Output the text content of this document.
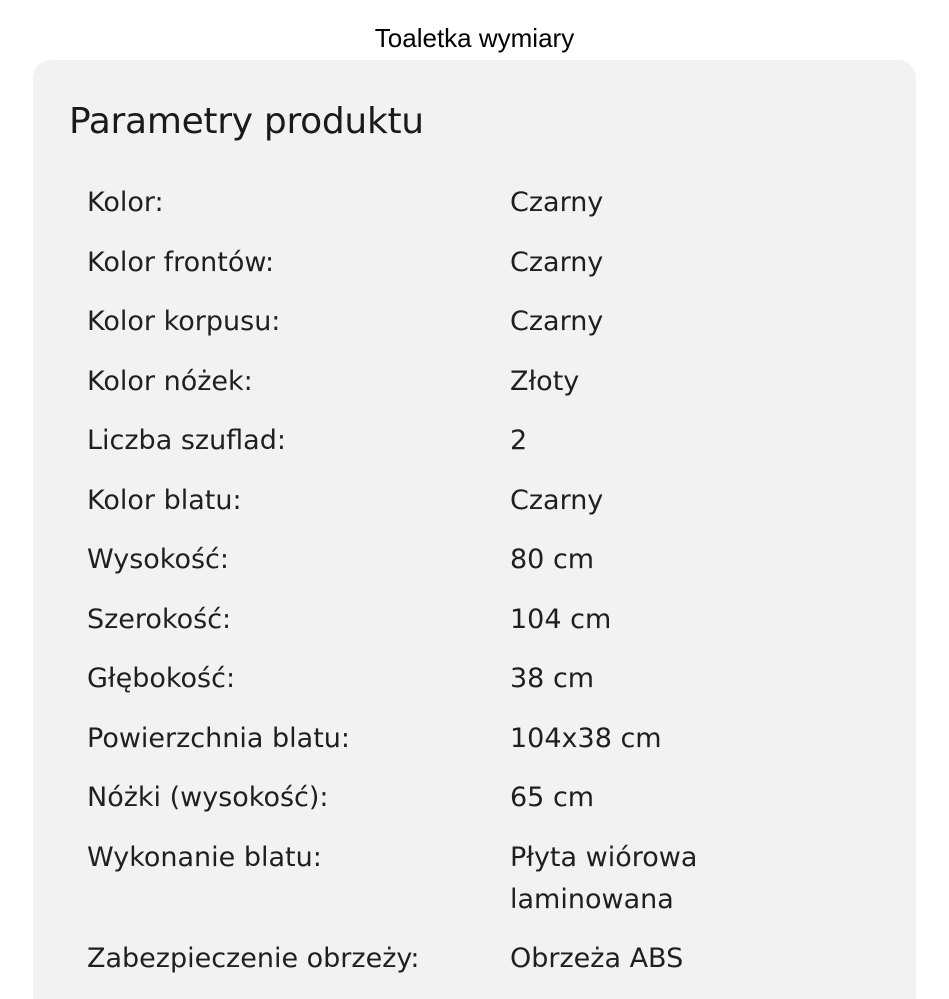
Toaletka wymiary
Parametry produktu
Kolor:	Czarny
Kolor frontów:	Czarny
Kolor korpusu:	Czarny
Kolor nóżek:	Złoty
Liczba szuflad:	2
Kolor blatu:	Czarny
Wysokość:	80 cm
Szerokość:	104 cm
Głębokość:	38 cm
Powierzchnia blatu:	104x38 cm
Nóżki (wysokość):	65 cm
Wykonanie blatu:	Płyta wiórowa
laminowana
Zabezpieczenie obrzeży:	Obrzeża ABS
